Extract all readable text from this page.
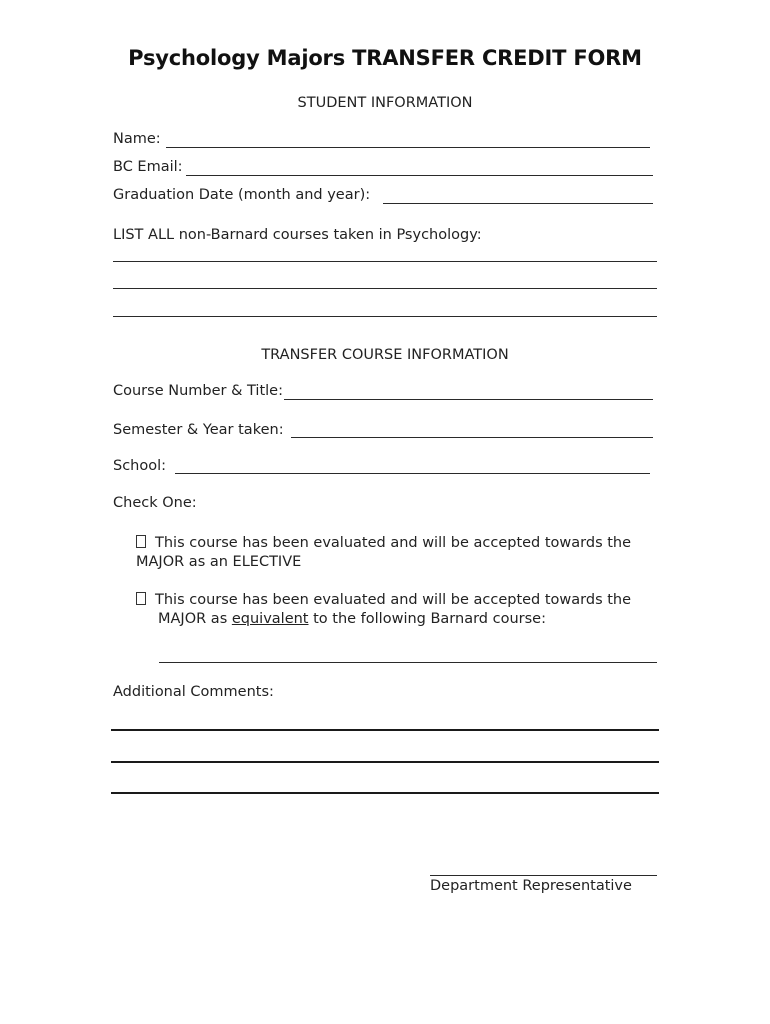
Psychology Majors TRANSFER CREDIT FORM
STUDENT INFORMATION
Name:
BC Email:
Graduation Date (month and year):
LIST ALL non-Barnard courses taken in Psychology:
TRANSFER COURSE INFORMATION
Course Number & Title:
Semester & Year taken:
School:
Check One:
This course has been evaluated and will be accepted towards the
MAJOR as an ELECTIVE
This course has been evaluated and will be accepted towards the
MAJOR as equivalent to the following Barnard course:
Additional Comments:
Department Representative
